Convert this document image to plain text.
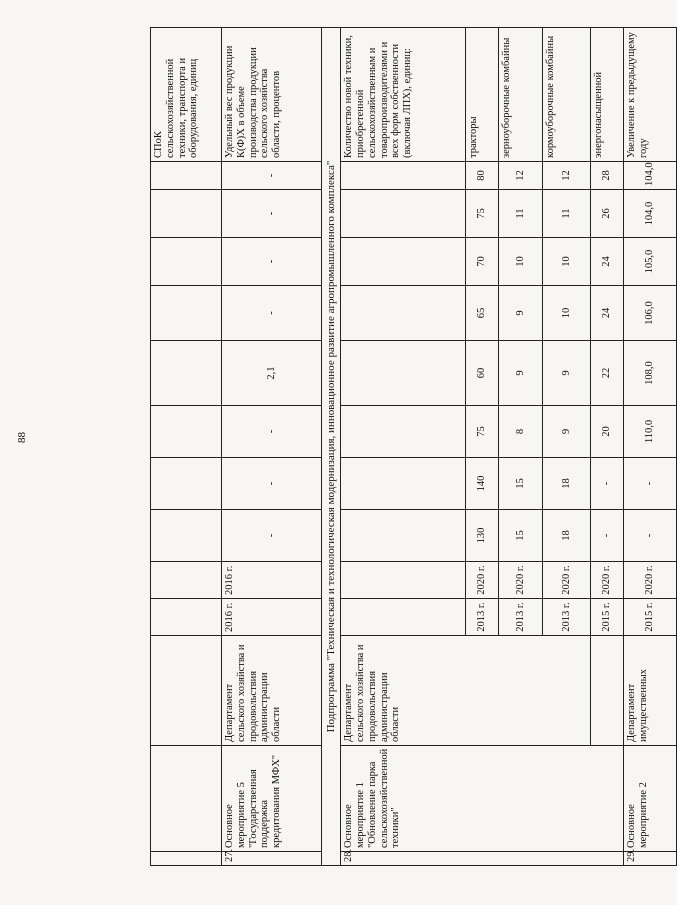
88
													СПоК сельскохозяйственной техники, транспорта и оборудования, единиц
27.	Основное мероприятие 5 "Государственная поддержка кредитования МФХ"	Департамент сельского хозяйства и продовольствия администрации области	2016 г.	2016 г.	-	-	-	2,1	-	-	-	-	Удельный вес продукции К(Ф)Х в объеме производства продукции сельского хозяйства области, процентов
Подпрограмма "Техническая и технологическая модернизация, инновационное развитие агропромышленного комплекса"													
28.	Основное мероприятие 1 "Обновление парка сельскохозяйственной техники"	Департамент сельского хозяйства и продовольствия администрации области											Количество новой техники, приобретенной сельскохозяйственным и товаропроизводителями и всех форм собственности (включая ЛПХ), единиц:
			2013 г.	2020 г.	130	140	75	60	65	70	75	80	тракторы
			2013 г.	2020 г.	15	15	8	9	9	10	11	12	зерноуборочные комбайны
			2013 г.	2020 г.	18	18	9	9	10	10	11	12	кормоуборочные комбайны
			2015 г.	2020 г.	-	-	20	22	24	24	26	28	энергонасыщенной
29.	Основное мероприятие 2	Департамент имущественных	2015 г.	2020 г.	-	-	110,0	108,0	106,0	105,0	104,0	104,0	Увеличение к предыдущему году
